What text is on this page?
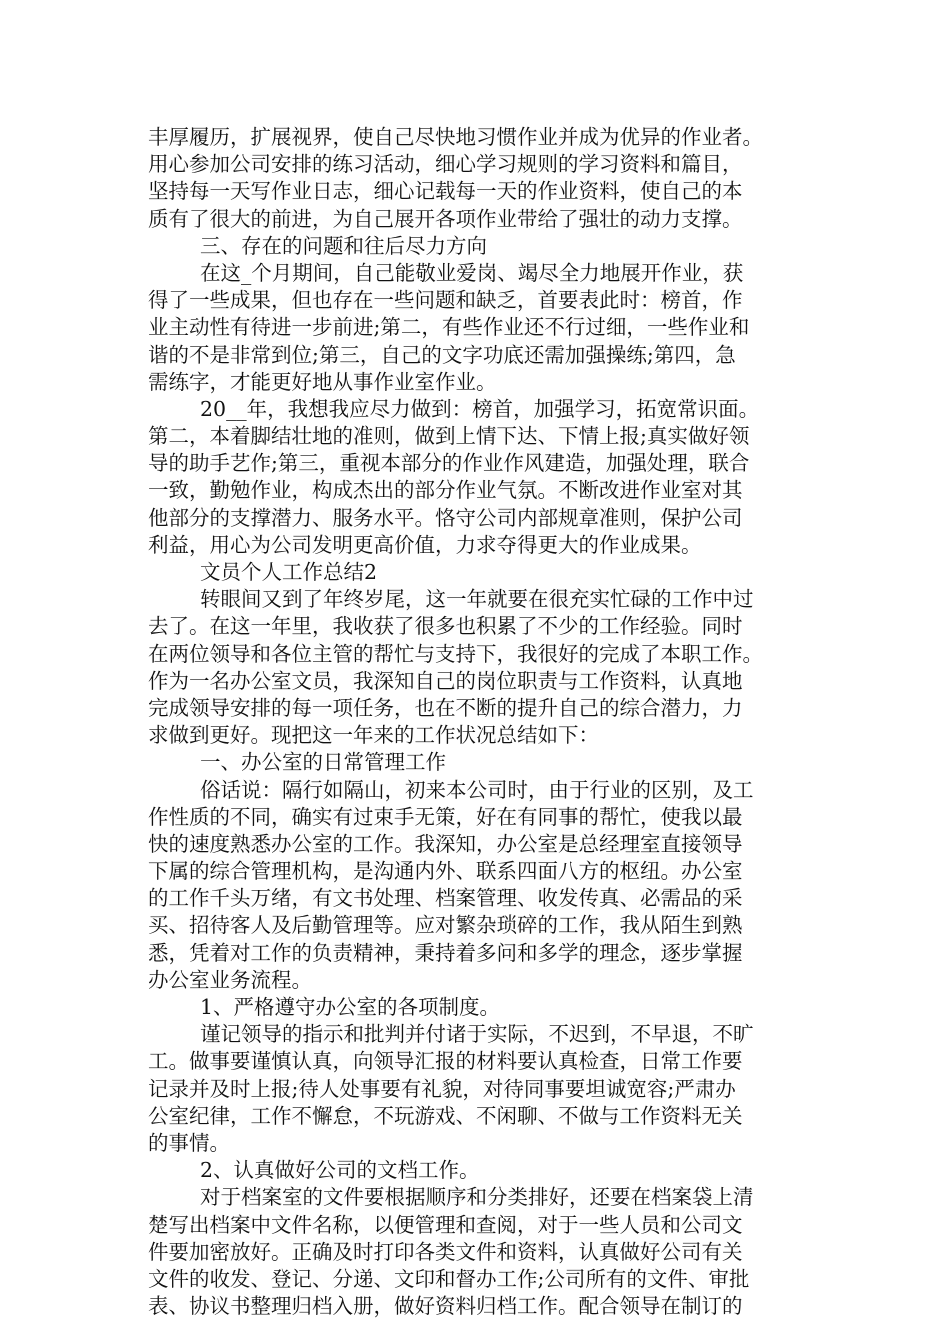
丰厚履历，扩展视界，使自己尽快地习惯作业并成为优异的作业者。
用心参加公司安排的练习活动，细心学习规则的学习资料和篇目，
坚持每一天写作业日志，细心记载每一天的作业资料，使自己的本
质有了很大的前进，为自己展开各项作业带给了强壮的动力支撑。
三、存在的问题和往后尽力方向
在这_个月期间，自己能敬业爱岗、竭尽全力地展开作业，获
得了一些成果，但也存在一些问题和缺乏，首要表此时：榜首，作
业主动性有待进一步前进;第二，有些作业还不行过细，一些作业和
谐的不是非常到位;第三，自己的文字功底还需加强操练;第四，急
需练字，才能更好地从事作业室作业。
20__年，我想我应尽力做到：榜首，加强学习，拓宽常识面。
第二，本着脚结壮地的准则，做到上情下达、下情上报;真实做好领
导的助手艺作;第三，重视本部分的作业作风建造，加强处理，联合
一致，勤勉作业，构成杰出的部分作业气氛。不断改进作业室对其
他部分的支撑潜力、服务水平。恪守公司内部规章准则，保护公司
利益，用心为公司发明更高价值，力求夺得更大的作业成果。
文员个人工作总结2
转眼间又到了年终岁尾，这一年就要在很充实忙碌的工作中过
去了。在这一年里，我收获了很多也积累了不少的工作经验。同时
在两位领导和各位主管的帮忙与支持下，我很好的完成了本职工作。
作为一名办公室文员，我深知自己的岗位职责与工作资料，认真地
完成领导安排的每一项任务，也在不断的提升自己的综合潜力，力
求做到更好。现把这一年来的工作状况总结如下：
一、办公室的日常管理工作
俗话说：隔行如隔山，初来本公司时，由于行业的区别，及工
作性质的不同，确实有过束手无策，好在有同事的帮忙，使我以最
快的速度熟悉办公室的工作。我深知，办公室是总经理室直接领导
下属的综合管理机构，是沟通内外、联系四面八方的枢纽。办公室
的工作千头万绪，有文书处理、档案管理、收发传真、必需品的采
买、招待客人及后勤管理等。应对繁杂琐碎的工作，我从陌生到熟
悉，凭着对工作的负责精神，秉持着多问和多学的理念，逐步掌握
办公室业务流程。
1、严格遵守办公室的各项制度。
谨记领导的指示和批判并付诸于实际，不迟到，不早退，不旷
工。做事要谨慎认真，向领导汇报的材料要认真检查，日常工作要
记录并及时上报;待人处事要有礼貌，对待同事要坦诚宽容;严肃办
公室纪律，工作不懈怠，不玩游戏、不闲聊、不做与工作资料无关
的事情。
2、认真做好公司的文档工作。
对于档案室的文件要根据顺序和分类排好，还要在档案袋上清
楚写出档案中文件名称，以便管理和查阅，对于一些人员和公司文
件要加密放好。正确及时打印各类文件和资料，认真做好公司有关
文件的收发、登记、分递、文印和督办工作;公司所有的文件、审批
表、协议书整理归档入册，做好资料归档工作。配合领导在制订的
